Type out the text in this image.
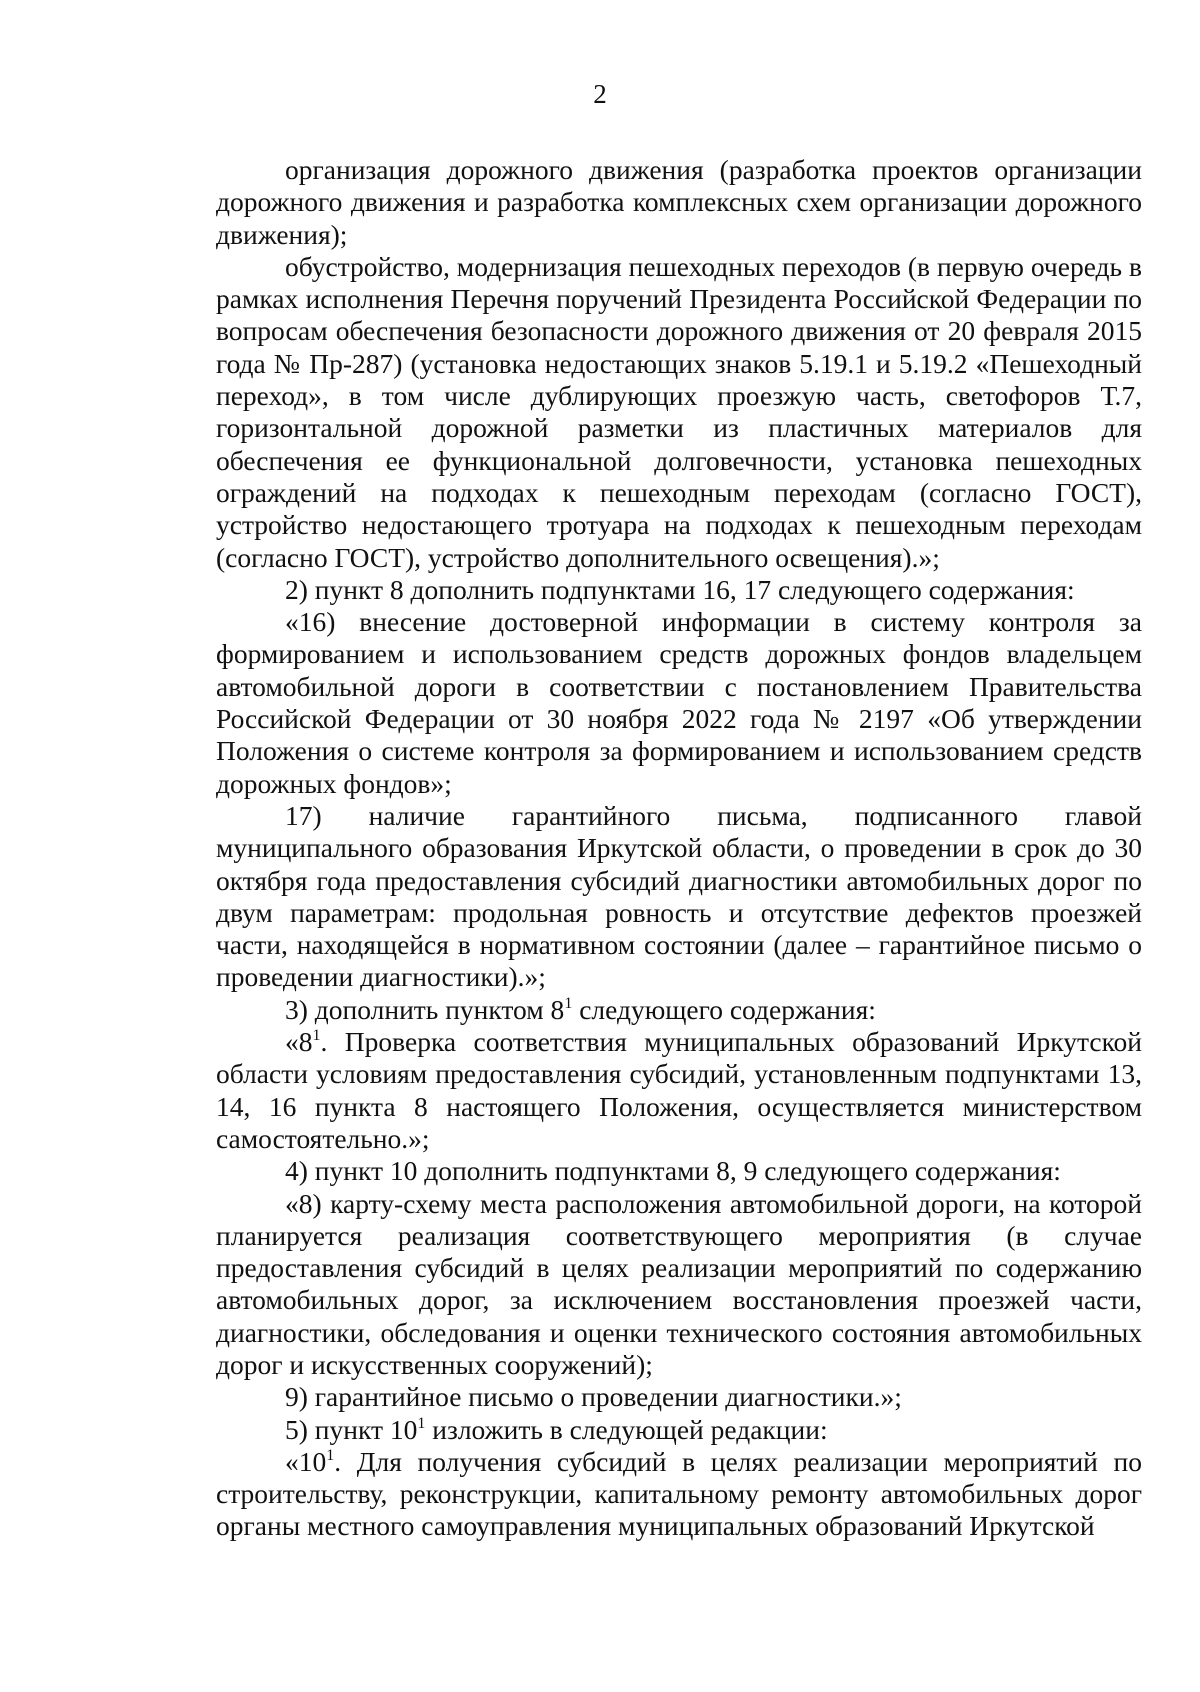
2

организация дорожного движения (разработка проектов организации дорожного движения и разработка комплексных схем организации дорожного движения);

обустройство, модернизация пешеходных переходов (в первую очередь в рамках исполнения Перечня поручений Президента Российской Федерации по вопросам обеспечения безопасности дорожного движения от 20 февраля 2015 года № Пр-287) (установка недостающих знаков 5.19.1 и 5.19.2 «Пешеходный переход», в том числе дублирующих проезжую часть, светофоров Т.7, горизонтальной дорожной разметки из пластичных материалов для обеспечения ее функциональной долговечности, установка пешеходных ограждений на подходах к пешеходным переходам (согласно ГОСТ), устройство недостающего тротуара на подходах к пешеходным переходам (согласно ГОСТ), устройство дополнительного освещения).»;

2) пункт 8 дополнить подпунктами 16, 17 следующего содержания:

«16) внесение достоверной информации в систему контроля за формированием и использованием средств дорожных фондов владельцем автомобильной дороги в соответствии с постановлением Правительства Российской Федерации от 30 ноября 2022 года № 2197 «Об утверждении Положения о системе контроля за формированием и использованием средств дорожных фондов»;

17) наличие гарантийного письма, подписанного главой муниципального образования Иркутской области, о проведении в срок до 30 октября года предоставления субсидий диагностики автомобильных дорог по двум параметрам: продольная ровность и отсутствие дефектов проезжей части, находящейся в нормативном состоянии (далее – гарантийное письмо о проведении диагностики).»;

3) дополнить пунктом $8^1$ следующего содержания:

«$8^1$. Проверка соответствия муниципальных образований Иркутской области условиям предоставления субсидий, установленным подпунктами 13, 14, 16 пункта 8 настоящего Положения, осуществляется министерством самостоятельно.»;

4) пункт 10 дополнить подпунктами 8, 9 следующего содержания:

«8) карту-схему места расположения автомобильной дороги, на которой планируется реализация соответствующего мероприятия (в случае предоставления субсидий в целях реализации мероприятий по содержанию автомобильных дорог, за исключением восстановления проезжей части, диагностики, обследования и оценки технического состояния автомобильных дорог и искусственных сооружений);

9) гарантийное письмо о проведении диагностики.»;

5) пункт $10^1$ изложить в следующей редакции:

«$10^1$. Для получения субсидий в целях реализации мероприятий по строительству, реконструкции, капитальному ремонту автомобильных дорог органы местного самоуправления муниципальных образований Иркутской
